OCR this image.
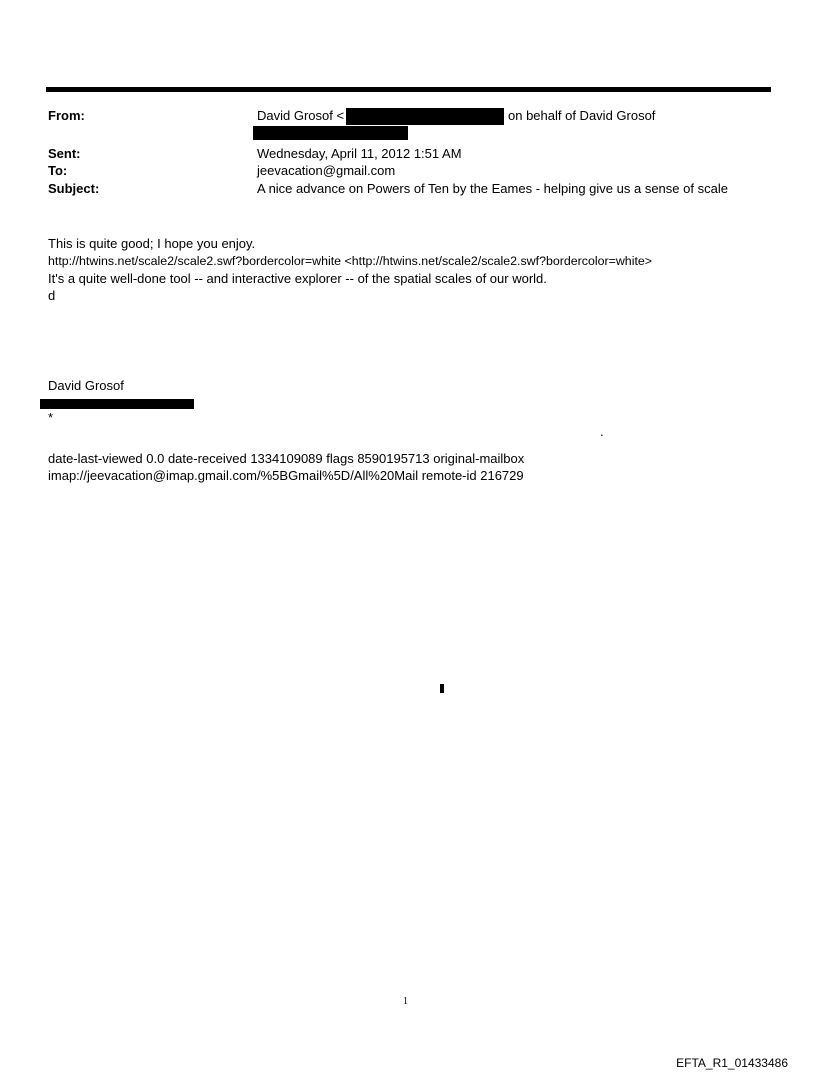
From:	David Grosof <	on behalf of David Grosof
Sent:	Wednesday, April 11, 2012 1:51 AM
To:	jeevacation@gmail.com
Subject:	A nice advance on Powers of Ten by the Eames - helping give us a sense of scale
This is quite good; I hope you enjoy.
http://htwins.net/scale2/scale2.swf?bordercolor=white <http://htwins.net/scale2/scale2.swf?bordercolor=white>
It's a quite well-done tool -- and interactive explorer -- of the spatial scales of our world.
d
David Grosof
*
.
date-last-viewed 0.0 date-received 1334109089 flags 8590195713 original-mailbox
imap://jeevacation@imap.gmail.com/%5BGmail%5D/All%20Mail remote-id 216729
1
EFTA_R1_01433486
